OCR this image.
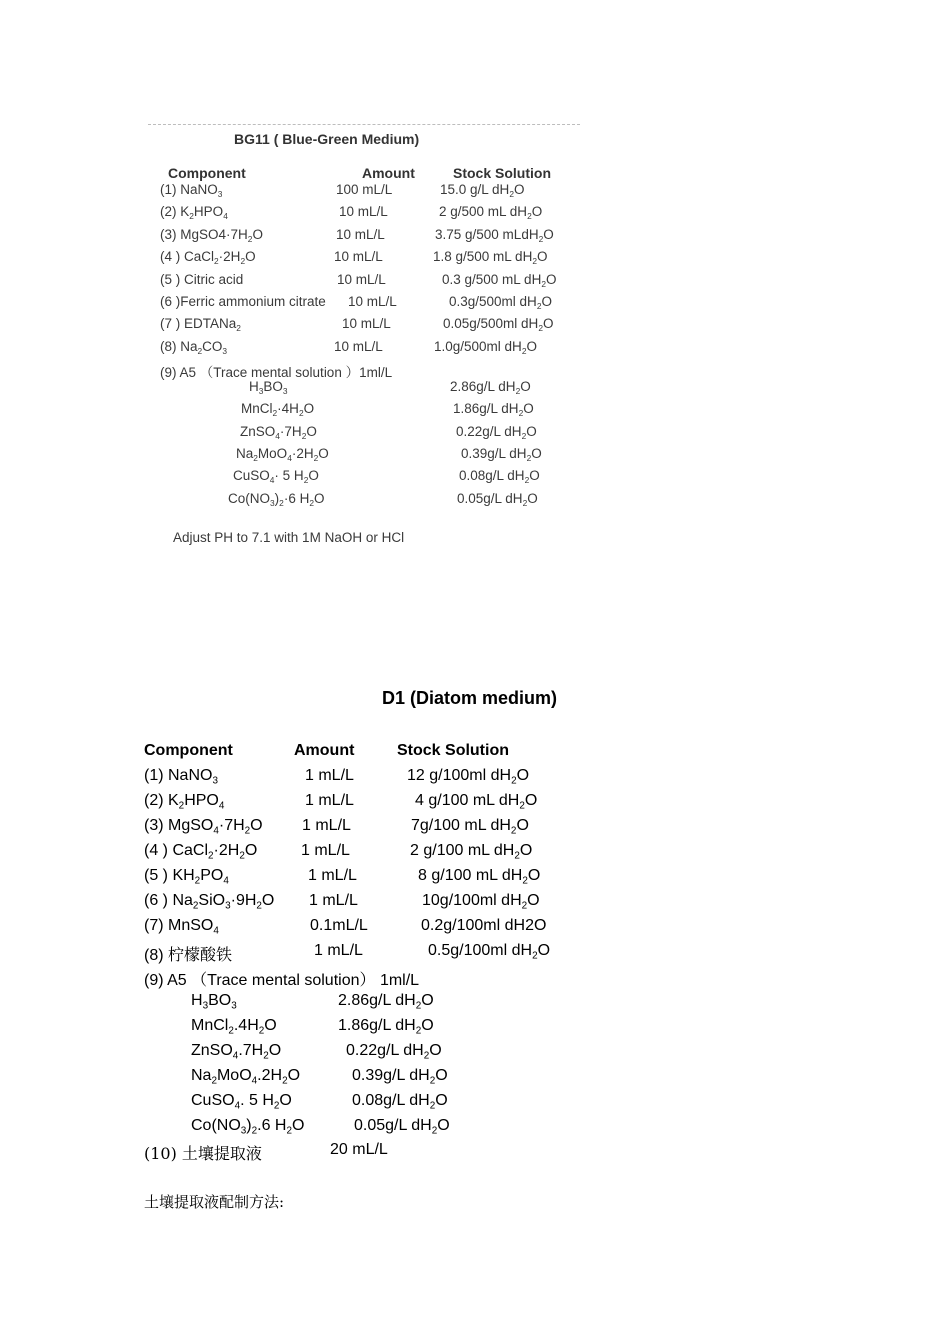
BG11 ( Blue-Green Medium)
Component	Amount	Stock Solution
(1) NaNO$_3$	100 mL/L	15.0 g/L $dH_2O$
(2) $K_2HPO_4$	10 mL/L	2 g/500 mL $dH_2O$
(3) $MgSO4\cdot 7H_2O$	10 mL/L	3.75 g/500 mLdH$_2$O
(4 ) $CaCl_2\cdot 2H_2O$	10 mL/L	1.8 g/500 mL $dH_2O$
(5 ) Citric acid	10 mL/L	0.3 g/500 mL $dH_2O$
(6 )Ferric ammonium citrate 10 mL/L	0.3g/500ml $dH_2O$
(7 ) EDTANa$_2$	10 mL/L	0.05g/500ml $dH_2O$
(8) $Na_2CO_3$	10 mL/L	1.0g/500ml $dH_2O$
(9) A5 （Trace mental solution ）1ml/L
$H_3BO_3$	2.86g/L $dH_2O$
$MnCl_2\cdot 4H_2O$	1.86g/L $dH_2O$
$ZnSO_4\cdot 7H_2O$	0.22g/L $dH_2O$
$Na_2MoO_4\cdot 2H_2O$	0.39g/L $dH_2O$
CuSO$_4$· 5 $H_2O$	0.08g/L $dH_2O$
$Co(NO_3)_2\cdot 6$ $H_2O$	0.05g/L $dH_2O$
Adjust PH to 7.1 with 1M NaOH or HCl
D1 (Diatom medium)
Component	Amount	Stock Solution
(1) NaNO$_3$	1 mL/L	12 g/100ml $dH_2O$
(2) $K_2HPO_4$	1 mL/L	4 g/100 mL $dH_2O$
(3) $MgSO_4\cdot 7H_2O$ 1 mL/L	7g/100 mL $dH_2O$
(4 ) $CaCl_2\cdot 2H_2O$	1 mL/L	2 g/100 mL $dH_2O$
(5 ) $KH_2PO_4$	1 mL/L	8 g/100 mL $dH_2O$
(6 ) $Na_2SiO_3\cdot 9H_2O$ 1 mL/L	10g/100ml $dH_2O$
(7) MnSO$_4$	0.1mL/L	0.2g/100ml dH2O
(8) 柠檬酸铁	1 mL/L	0.5g/100ml $dH_2O$
(9) A5 （Trace mental solution） 1ml/L
$H_3BO_3$	2.86g/L $dH_2O$
$MnCl_2.4H_2O$	1.86g/L $dH_2O$
$ZnSO_4.7H_2O$	0.22g/L $dH_2O$
$Na_2MoO_4.2H_2O$	0.39g/L $dH_2O$
CuSO$_4$. 5 $H_2O$	0.08g/L $dH_2O$
$Co(NO_3)_2.6$ $H_2O$	0.05g/L $dH_2O$
(10) 土壤提取液	20 mL/L
土壤提取液配制方法:
